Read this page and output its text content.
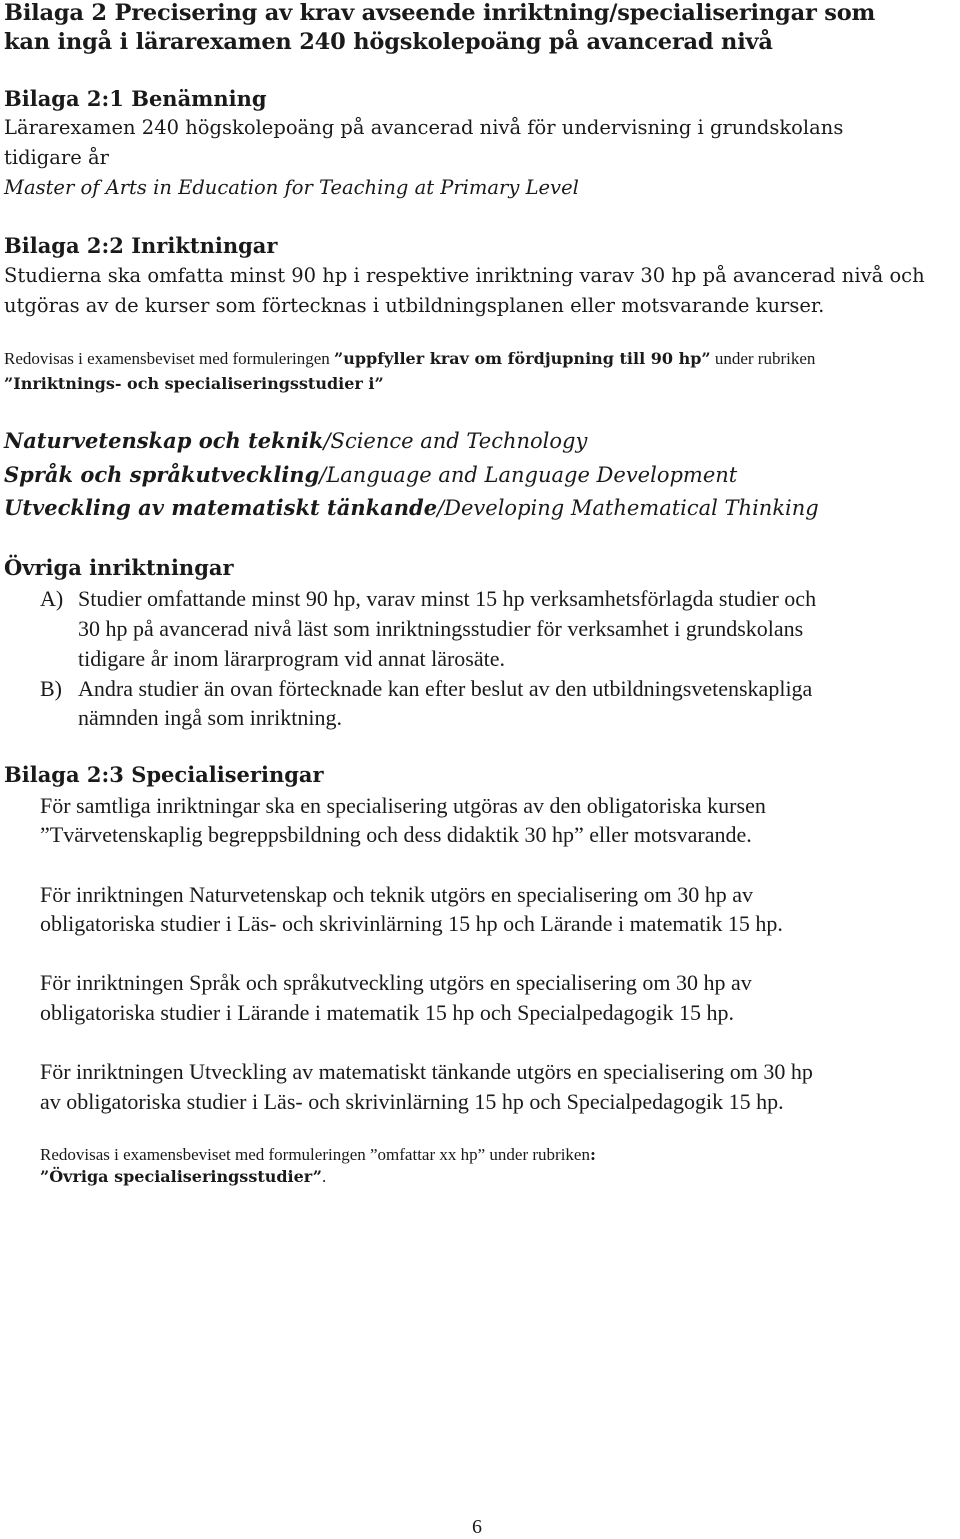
Bilaga 2 Precisering av krav avseende inriktning/specialiseringar som
kan ingå i lärarexamen 240 högskolepoäng på avancerad nivå
Bilaga 2:1 Benämning
Lärarexamen 240 högskolepoäng på avancerad nivå för undervisning i grundskolans
tidigare år
Master of Arts in Education for Teaching at Primary Level
Bilaga 2:2 Inriktningar
Studierna ska omfatta minst 90 hp i respektive inriktning varav 30 hp på avancerad nivå och
utgöras av de kurser som förtecknas i utbildningsplanen eller motsvarande kurser.
Redovisas i examensbeviset med formuleringen ”uppfyller krav om fördjupning till 90 hp” under rubriken
”Inriktnings- och specialiseringsstudier i”
Naturvetenskap och teknik/Science and Technology
Språk och språkutveckling/Language and Language Development
Utveckling av matematiskt tänkande/Developing Mathematical Thinking
Övriga inriktningar
A) Studier omfattande minst 90 hp, varav minst 15 hp verksamhetsförlagda studier och
30 hp på avancerad nivå läst som inriktningsstudier för verksamhet i grundskolans
tidigare år inom lärarprogram vid annat lärosäte.
B) Andra studier än ovan förtecknade kan efter beslut av den utbildningsvetenskapliga
nämnden ingå som inriktning.
Bilaga 2:3 Specialiseringar
För samtliga inriktningar ska en specialisering utgöras av den obligatoriska kursen
”Tvärvetenskaplig begreppsbildning och dess didaktik 30 hp” eller motsvarande.
För inriktningen Naturvetenskap och teknik utgörs en specialisering om 30 hp av
obligatoriska studier i Läs- och skrivinlärning 15 hp och Lärande i matematik 15 hp.
För inriktningen Språk och språkutveckling utgörs en specialisering om 30 hp av
obligatoriska studier i Lärande i matematik 15 hp och Specialpedagogik 15 hp.
För inriktningen Utveckling av matematiskt tänkande utgörs en specialisering om 30 hp
av obligatoriska studier i Läs- och skrivinlärning 15 hp och Specialpedagogik 15 hp.
Redovisas i examensbeviset med formuleringen ”omfattar xx hp” under rubriken:
”Övriga specialiseringsstudier”.
6
